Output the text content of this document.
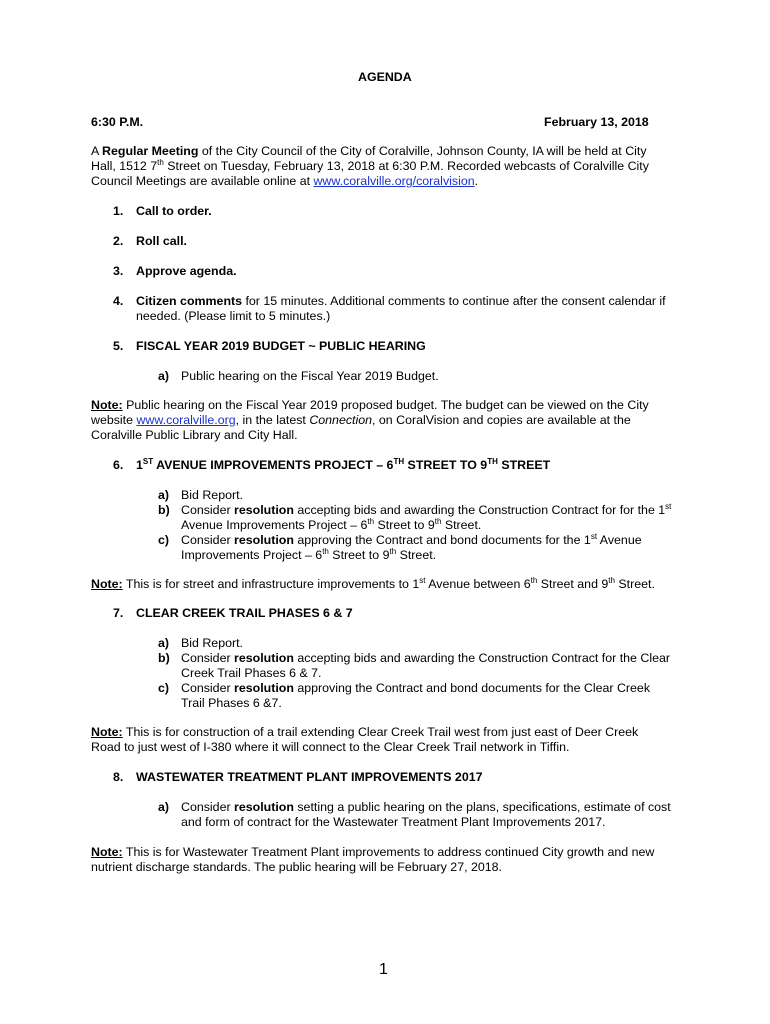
AGENDA
6:30 P.M.	February 13, 2018
A Regular Meeting of the City Council of the City of Coralville, Johnson County, IA will be held at City
Hall, 1512 7th Street on Tuesday, February 13, 2018 at 6:30 P.M. Recorded webcasts of Coralville City
Council Meetings are available online at www.coralville.org/coralvision.
1. Call to order.
2. Roll call.
3. Approve agenda.
4. Citizen comments for 15 minutes. Additional comments to continue after the consent calendar if
needed. (Please limit to 5 minutes.)
5. FISCAL YEAR 2019 BUDGET ~ PUBLIC HEARING
a) Public hearing on the Fiscal Year 2019 Budget.
Note: Public hearing on the Fiscal Year 2019 proposed budget. The budget can be viewed on the City
website www.coralville.org, in the latest Connection, on CoralVision and copies are available at the
Coralville Public Library and City Hall.
6. 1ST AVENUE IMPROVEMENTS PROJECT – 6TH STREET TO 9TH STREET
a) Bid Report.
b) Consider resolution accepting bids and awarding the Construction Contract for for the 1st
Avenue Improvements Project – 6th Street to 9th Street.
c) Consider resolution approving the Contract and bond documents for the 1st Avenue
Improvements Project – 6th Street to 9th Street.
Note: This is for street and infrastructure improvements to 1st Avenue between 6th Street and 9th Street.
7. CLEAR CREEK TRAIL PHASES 6 & 7
a) Bid Report.
b) Consider resolution accepting bids and awarding the Construction Contract for the Clear
Creek Trail Phases 6 & 7.
c) Consider resolution approving the Contract and bond documents for the Clear Creek
Trail Phases 6 &7.
Note: This is for construction of a trail extending Clear Creek Trail west from just east of Deer Creek
Road to just west of I-380 where it will connect to the Clear Creek Trail network in Tiffin.
8. WASTEWATER TREATMENT PLANT IMPROVEMENTS 2017
a) Consider resolution setting a public hearing on the plans, specifications, estimate of cost
and form of contract for the Wastewater Treatment Plant Improvements 2017.
Note: This is for Wastewater Treatment Plant improvements to address continued City growth and new
nutrient discharge standards. The public hearing will be February 27, 2018.
1
